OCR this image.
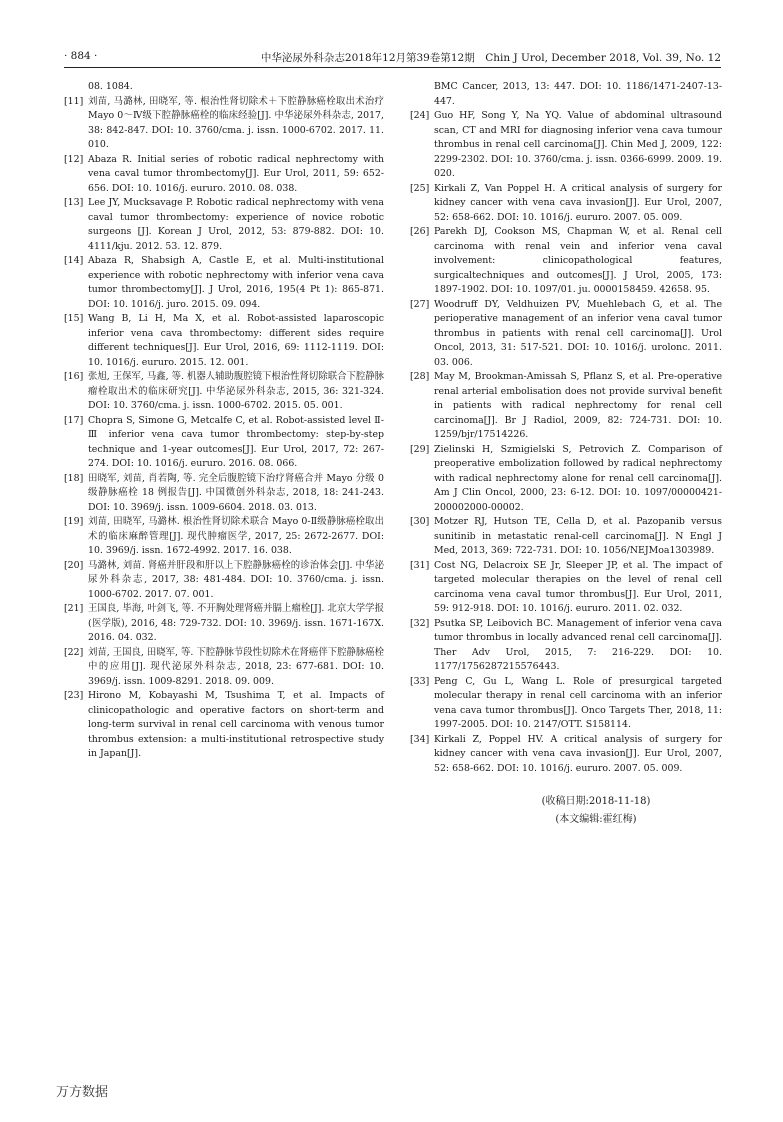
· 884 ·	中华泌尿外科杂志2018年12月第39卷第12期　Chin J Urol, December 2018, Vol. 39, No. 12
08. 1084.
[11] 刘苗, 马潞林, 田晓军, 等. 根治性肾切除术＋下腔静脉癌栓取出术治疗 Mayo 0～Ⅳ级下腔静脉癌栓的临床经验[J]. 中华泌尿外科杂志, 2017, 38: 842-847. DOI: 10. 3760/cma. j. issn. 1000-6702. 2017. 11. 010.
[12] Abaza R. Initial series of robotic radical nephrectomy with vena caval tumor thrombectomy[J]. Eur Urol, 2011, 59: 652-656. DOI: 10. 1016/j. eururo. 2010. 08. 038.
[13] Lee JY, Mucksavage P. Robotic radical nephrectomy with vena caval tumor thrombectomy: experience of novice robotic surgeons [J]. Korean J Urol, 2012, 53: 879-882. DOI: 10. 4111/kju. 2012. 53. 12. 879.
[14] Abaza R, Shabsigh A, Castle E, et al. Multi-institutional experience with robotic nephrectomy with inferior vena cava tumor thrombectomy[J]. J Urol, 2016, 195(4 Pt 1): 865-871. DOI: 10. 1016/j. juro. 2015. 09. 094.
[15] Wang B, Li H, Ma X, et al. Robot-assisted laparoscopic inferior vena cava thrombectomy: different sides require different techniques[J]. Eur Urol, 2016, 69: 1112-1119. DOI: 10. 1016/j. eururo. 2015. 12. 001.
[16] 张旭, 王保军, 马鑫, 等. 机器人辅助腹腔镜下根治性肾切除联合下腔静脉瘤栓取出术的临床研究[J]. 中华泌尿外科杂志, 2015, 36: 321-324. DOI: 10. 3760/cma. j. issn. 1000-6702. 2015. 05. 001.
[17] Chopra S, Simone G, Metcalfe C, et al. Robot-assisted level Ⅱ-Ⅲ inferior vena cava tumor thrombectomy: step-by-step technique and 1-year outcomes[J]. Eur Urol, 2017, 72: 267-274. DOI: 10. 1016/j. eururo. 2016. 08. 066.
[18] 田晓军, 刘苗, 肖若陶, 等. 完全后腹腔镜下治疗肾癌合并 Mayo 分级 0 级静脉癌栓 18 例报告[J]. 中国微创外科杂志, 2018, 18: 241-243. DOI: 10. 3969/j. issn. 1009-6604. 2018. 03. 013.
[19] 刘苗, 田晓军, 马潞林. 根治性肾切除术联合 Mayo 0-Ⅱ级静脉癌栓取出术的临床麻醉管理[J]. 现代肿瘤医学, 2017, 25: 2672-2677. DOI: 10. 3969/j. issn. 1672-4992. 2017. 16. 038.
[20] 马潞林, 刘苗. 肾癌并肝段和肝以上下腔静脉癌栓的诊治体会[J]. 中华泌尿外科杂志, 2017, 38: 481-484. DOI: 10. 3760/cma. j. issn. 1000-6702. 2017. 07. 001.
[21] 王国良, 毕海, 叶剑飞, 等. 不开胸处理肾癌并膈上瘤栓[J]. 北京大学学报(医学版), 2016, 48: 729-732. DOI: 10. 3969/j. issn. 1671-167X. 2016. 04. 032.
[22] 刘苗, 王国良, 田晓军, 等. 下腔静脉节段性切除术在肾癌伴下腔静脉癌栓中的应用[J]. 现代泌尿外科杂志, 2018, 23: 677-681. DOI: 10. 3969/j. issn. 1009-8291. 2018. 09. 009.
[23] Hirono M, Kobayashi M, Tsushima T, et al. Impacts of clinicopathologic and operative factors on short-term and long-term survival in renal cell carcinoma with venous tumor thrombus extension: a multi-institutional retrospective study in Japan[J].
BMC Cancer, 2013, 13: 447. DOI: 10. 1186/1471-2407-13-447.
[24] Guo HF, Song Y, Na YQ. Value of abdominal ultrasound scan, CT and MRI for diagnosing inferior vena cava tumour thrombus in renal cell carcinoma[J]. Chin Med J, 2009, 122: 2299-2302. DOI: 10. 3760/cma. j. issn. 0366-6999. 2009. 19. 020.
[25] Kirkali Z, Van Poppel H. A critical analysis of surgery for kidney cancer with vena cava invasion[J]. Eur Urol, 2007, 52: 658-662. DOI: 10. 1016/j. eururo. 2007. 05. 009.
[26] Parekh DJ, Cookson MS, Chapman W, et al. Renal cell carcinoma with renal vein and inferior vena caval involvement: clinicopathological features, surgicaltechniques and outcomes[J]. J Urol, 2005, 173: 1897-1902. DOI: 10. 1097/01. ju. 0000158459. 42658. 95.
[27] Woodruff DY, Veldhuizen PV, Muehlebach G, et al. The perioperative management of an inferior vena caval tumor thrombus in patients with renal cell carcinoma[J]. Urol Oncol, 2013, 31: 517-521. DOI: 10. 1016/j. urolonc. 2011. 03. 006.
[28] May M, Brookman-Amissah S, Pflanz S, et al. Pre-operative renal arterial embolisation does not provide survival benefit in patients with radical nephrectomy for renal cell carcinoma[J]. Br J Radiol, 2009, 82: 724-731. DOI: 10. 1259/bjr/17514226.
[29] Zielinski H, Szmigielski S, Petrovich Z. Comparison of preoperative embolization followed by radical nephrectomy with radical nephrectomy alone for renal cell carcinoma[J]. Am J Clin Oncol, 2000, 23: 6-12. DOI: 10. 1097/00000421-200002000-00002.
[30] Motzer RJ, Hutson TE, Cella D, et al. Pazopanib versus sunitinib in metastatic renal-cell carcinoma[J]. N Engl J Med, 2013, 369: 722-731. DOI: 10. 1056/NEJMoa1303989.
[31] Cost NG, Delacroix SE Jr, Sleeper JP, et al. The impact of targeted molecular therapies on the level of renal cell carcinoma vena caval tumor thrombus[J]. Eur Urol, 2011, 59: 912-918. DOI: 10. 1016/j. eururo. 2011. 02. 032.
[32] Psutka SP, Leibovich BC. Management of inferior vena cava tumor thrombus in locally advanced renal cell carcinoma[J]. Ther Adv Urol, 2015, 7: 216-229. DOI: 10. 1177/1756287215576443.
[33] Peng C, Gu L, Wang L. Role of presurgical targeted molecular therapy in renal cell carcinoma with an inferior vena cava tumor thrombus[J]. Onco Targets Ther, 2018, 11: 1997-2005. DOI: 10. 2147/OTT. S158114.
[34] Kirkali Z, Poppel HV. A critical analysis of surgery for kidney cancer with vena cava invasion[J]. Eur Urol, 2007, 52: 658-662. DOI: 10. 1016/j. eururo. 2007. 05. 009.
(收稿日期:2018-11-18)
(本文编辑:霍红梅)
万方数据
